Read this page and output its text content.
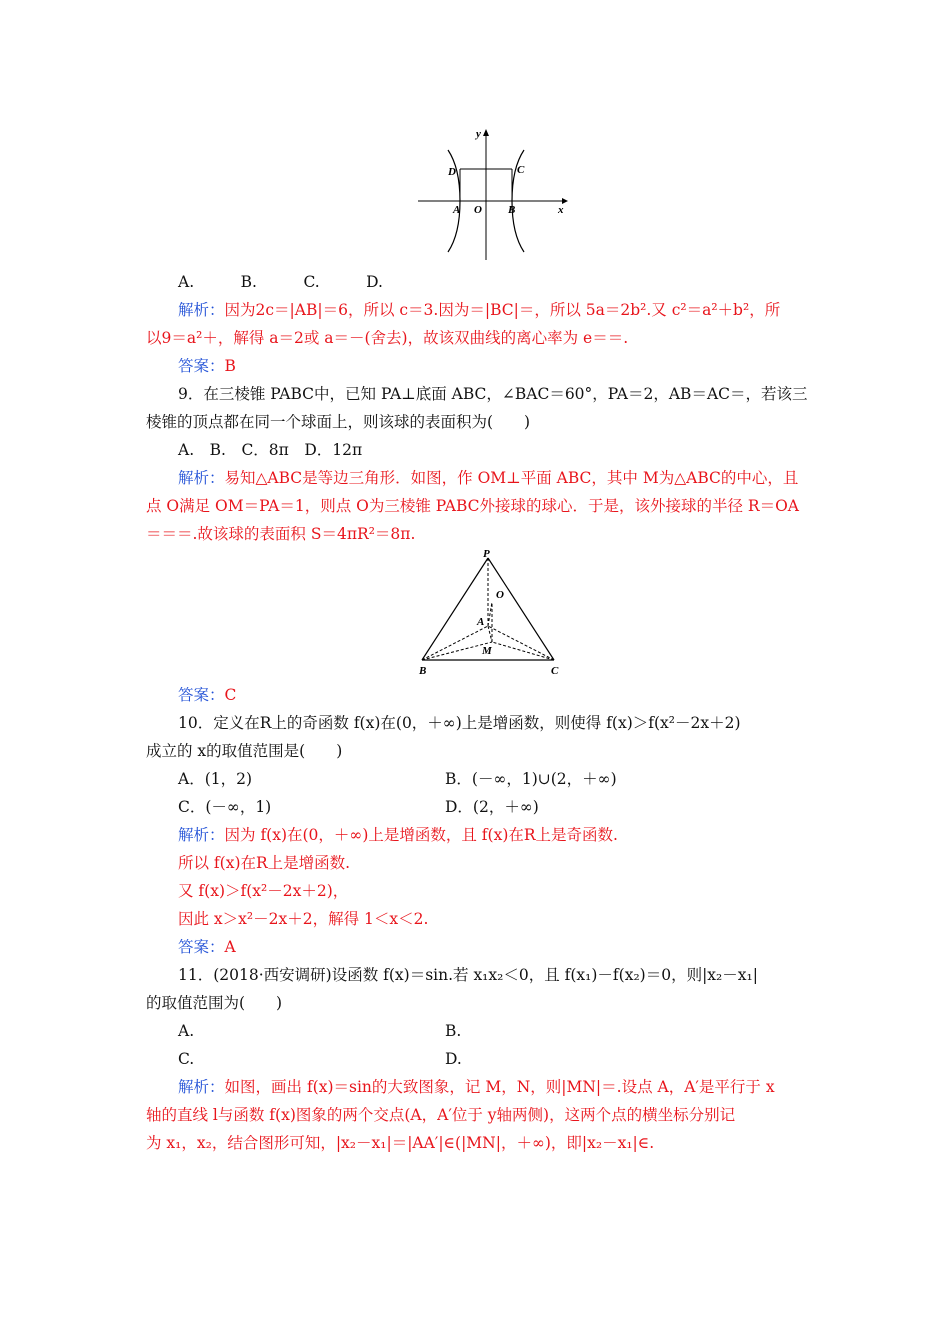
y
x
D	C
A O B
A.　　　B.　　　C.　　　D.
解析：因为2c＝|AB|＝6，所以 c＝3.因为＝|BC|＝，所以 5a＝2b².又 c²＝a²＋b²，所
以9＝a²＋，解得 a＝2或 a＝－(舍去)，故该双曲线的离心率为 e＝＝.
答案：B
9．在三棱锥 PABC中，已知 PA⊥底面 ABC，∠BAC＝60°，PA＝2，AB＝AC＝，若该三
棱锥的顶点都在同一个球面上，则该球的表面积为(　　)
A.　B.　C．8π　D．12π
解析：易知△ABC是等边三角形．如图，作 OM⊥平面 ABC，其中 M为△ABC的中心，且
点 O满足 OM＝PA＝1，则点 O为三棱锥 PABC外接球的球心．于是，该外接球的半径 R＝OA
＝＝＝.故该球的表面积 S＝4πR²＝8π.
P
O
A
M
B	C
答案：C
10．定义在R上的奇函数 f(x)在(0，＋∞)上是增函数，则使得 f(x)＞f(x²－2x＋2)
成立的 x的取值范围是(　　)
A．(1，2)	B．(－∞，1)∪(2，＋∞)
C．(－∞，1)	D．(2，＋∞)
解析：因为 f(x)在(0，＋∞)上是增函数，且 f(x)在R上是奇函数.
所以 f(x)在R上是增函数.
又 f(x)＞f(x²－2x＋2)，
因此 x＞x²－2x＋2，解得 1＜x＜2.
答案：A
11．(2018·西安调研)设函数 f(x)＝sin.若 x₁x₂＜0，且 f(x₁)－f(x₂)＝0，则|x₂－x₁|
的取值范围为(　　)
A.	B.
C.	D.
解析：如图，画出 f(x)＝sin的大致图象，记 M，N，则|MN|＝.设点 A，A′是平行于 x
轴的直线 l与函数 f(x)图象的两个交点(A，A′位于 y轴两侧)，这两个点的横坐标分别记
为 x₁，x₂，结合图形可知，|x₂－x₁|＝|AA′|∈(|MN|，＋∞)，即|x₂－x₁|∈.
